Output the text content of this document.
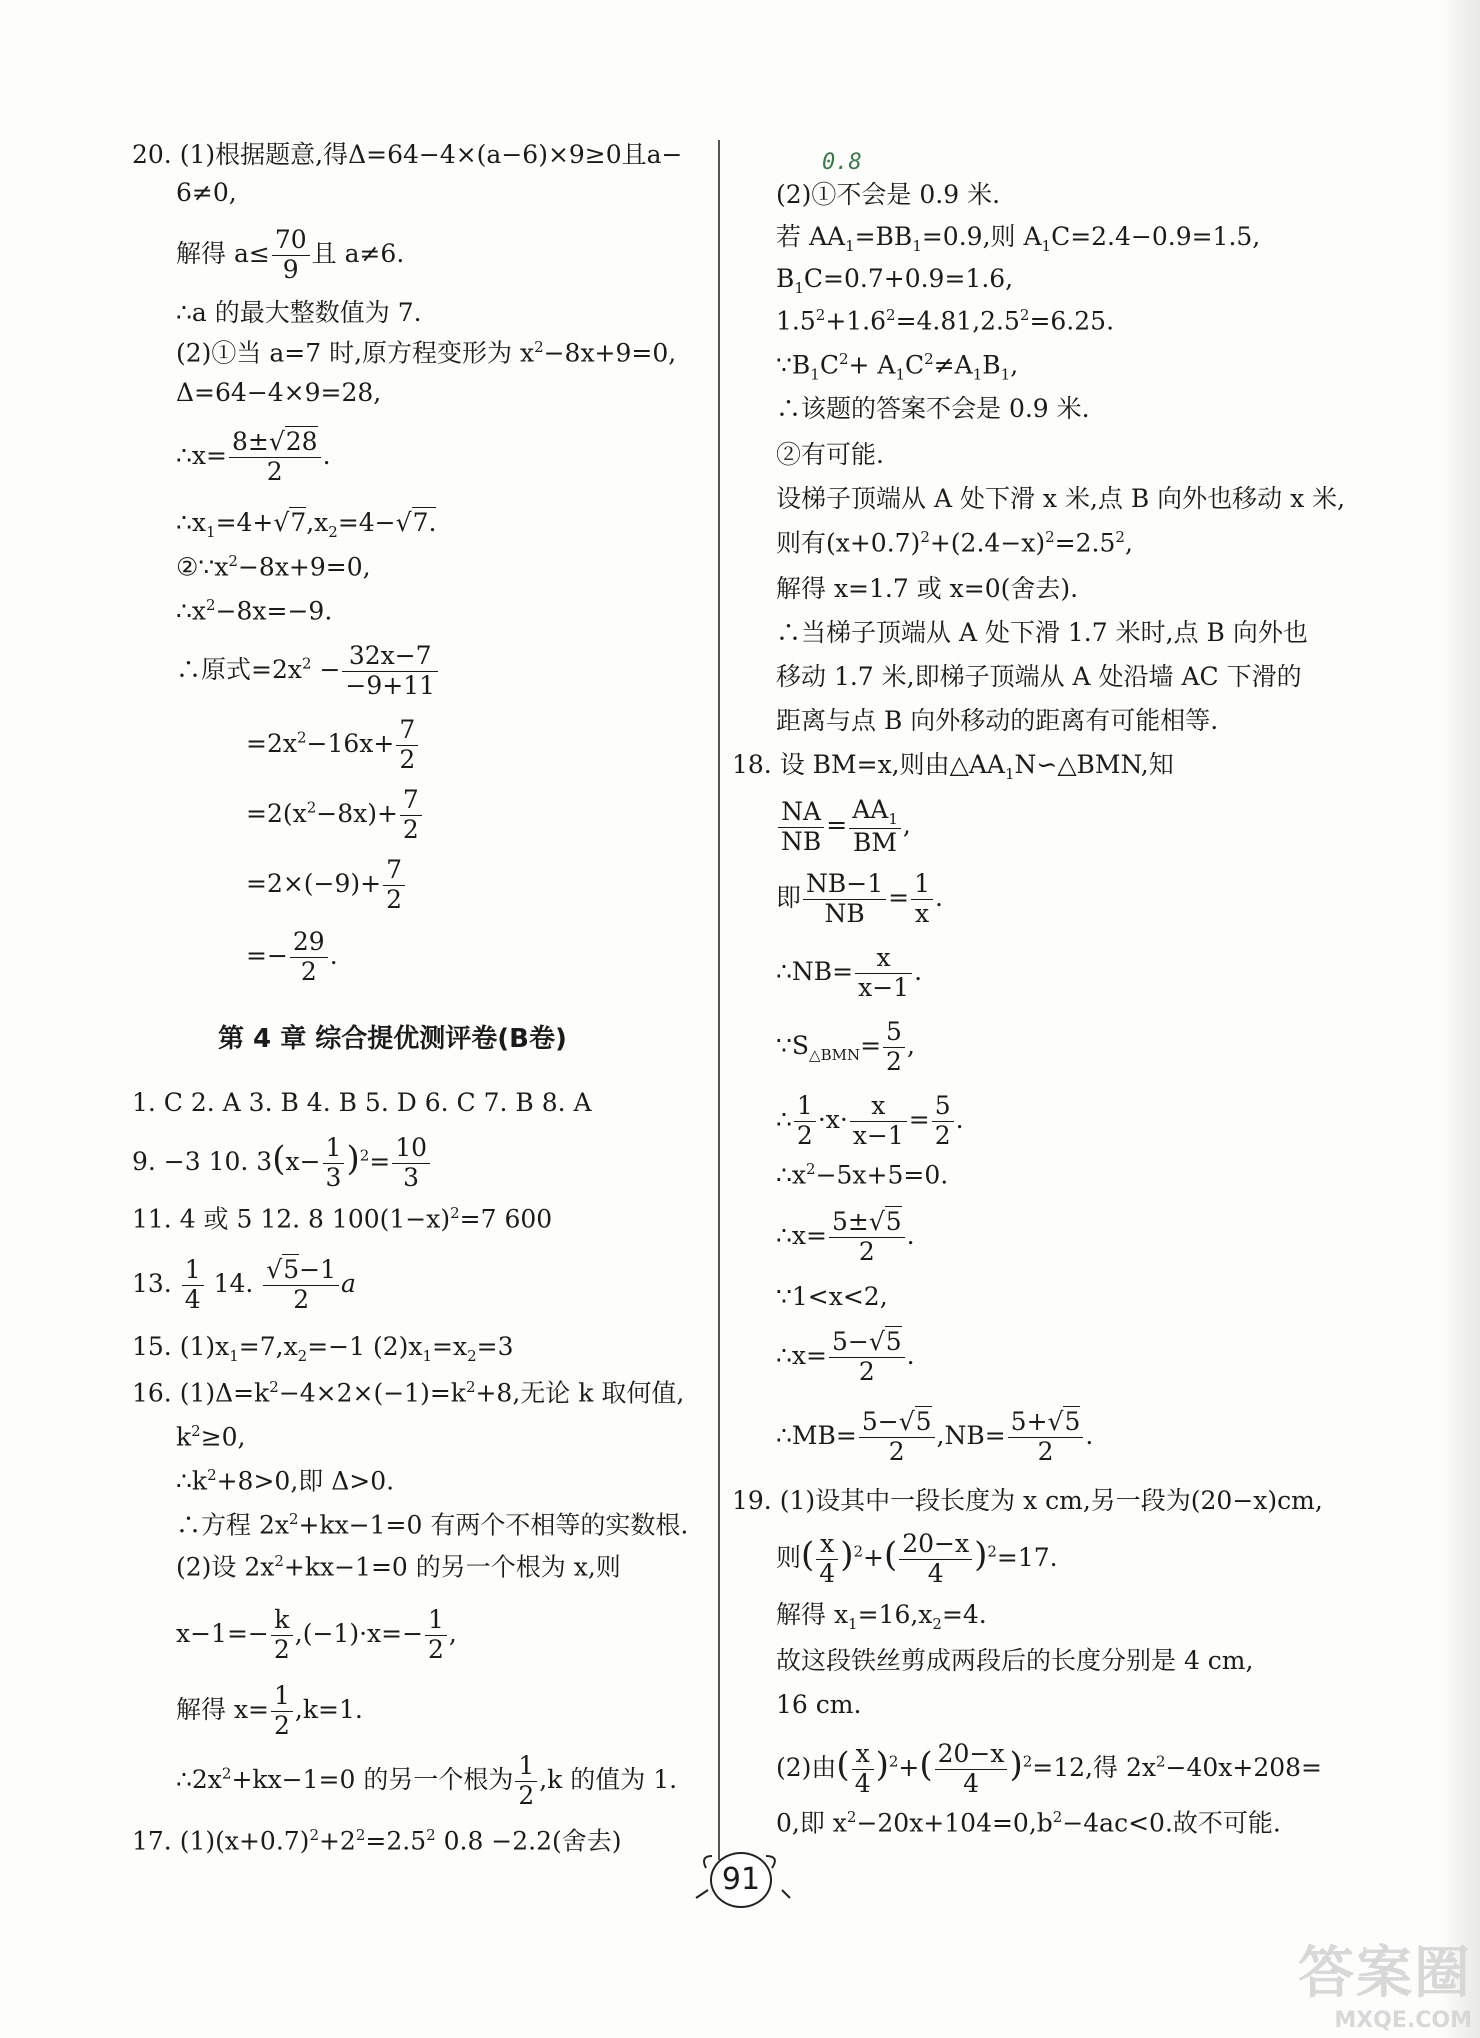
20. (1)根据题意,得Δ=64−4×(a−6)×9≥0且a−
6≠0,
解得 $a\le \frac{70}{9}$ 且 a≠6.
∴a 的最大整数值为 7.
(2)①当 a=7 时,原方程变形为 $x^2-8x+9=0$,
Δ=64−4×9=28,
∴x= $\frac{8\pm√28}{2}$ .
$\therefore x_1=4+√7,x_2=4-√7$.
$②\because x^2-8x+9=0$,
$\therefore x^2-8x=-9$.
∴原式$=2x^2 - \frac{32x-7}{-9+11}$
$=2x^2-16x+ \frac{7}{2}$
$=2(x^2-8x)+ \frac{7}{2}$
$=2\times(-9)+ \frac{7}{2}$
=− $\frac{29}{2}$ .
第 4 章 综合提优测评卷(B卷)
1. C 2. A 3. B 4. B 5. D 6. C 7. B 8. A
9. −3 10. $3(x- \frac{1}{3} )^2= \frac{10}{3}$
11. 4 或 5 12. 8 $100(1-x)^2=7$ 600
13. $\frac{1}{4} 14$. $\frac{√5-1}{2}$ a
15. $(1)x_1=7,x_2=-1$ $(2)x_1=x_2=3$
16. $(1)\Delta=k^2-4\times 2\times(-1)=k^2+8$,无论 k 取何值,
$k^2\ge 0$,
$\therefore k^2+8>0$,即 Δ>0.
∴方程 $2x^2+kx-1=0$ 有两个不相等的实数根.
(2)设 $2x^2+kx-1=0$ 的另一个根为 x,则
$x-1=- \frac{k}{2} ,(-1)\cdot x=- \frac{1}{2}$ ,
解得 $x= \frac{1}{2} ,k=1$.
$\therefore 2x^2+kx-1=0$ 的另一个根为 $\frac{1}{2} ,k$ 的值为 1.
17. $(1)(x+0.7)^2+2^2=2.5^2$ 0.8 −2.2(舍去)
0.8
(2)①不会是 0.9 米.
若 $AA_1=BB_1=0.9$,则 $A_1C=2.4-0.9=1.5$,
$B_1C=0.7+0.9=1.6$,
$1.5^2+1.6^2=4.81,2.5^2=6.25$.
$\because B_1C^2+ A_1C^2\ne A_1B_1$,
∴该题的答案不会是 0.9 米.
②有可能.
设梯子顶端从 A 处下滑 x 米,点 B 向外也移动 x 米,
则有$(x+0.7)^2+(2.4-x)^2=2.5^2$,
解得 x=1.7 或 x=0(舍去).
∴当梯子顶端从 A 处下滑 1.7 米时,点 B 向外也
移动 1.7 米,即梯子顶端从 A 处沿墙 AC 下滑的
距离与点 B 向外移动的距离有可能相等.
18. 设 BM=x,则由$\triangle AA_1N∽\triangle BMN$,知
$\frac{NA}{NB} = \frac{AA_1}{BM}$ ,
即 $\frac{NB-1}{NB} = \frac{1}{x}$ .
∴NB= $\frac{x}{x-1}$ .
$\because S_{\triangle BMN}= \frac{5}{2}$ ,
∴ $\frac{1}{2} \cdot x\cdot \frac{x}{x-1} = \frac{5}{2}$ .
$\therefore x^2-5x+5=0$.
∴x= $\frac{5\pm√5}{2}$ .
∵1<x<2,
∴x= $\frac{5-√5}{2}$ .
∴MB= $\frac{5-√5}{2} ,NB= \frac{5+√5}{2}$ .
19. (1)设其中一段长度为 x cm,另一段为(20−x)cm,
则( $\frac{x}{4} )^2+( \frac{20-x}{4} )^2=17$.
解得 $x_1=16,x_2=4$.
故这段铁丝剪成两段后的长度分别是 4 cm,
16 cm.
(2)由( $\frac{x}{4} )^2+( \frac{20-x}{4} )^2=12$,得 $2x^2-40x+208=$
0,即 $x^2-20x+104=0,b^2-4ac<0$.故不可能.
91
答案圈
MXQE.COM
